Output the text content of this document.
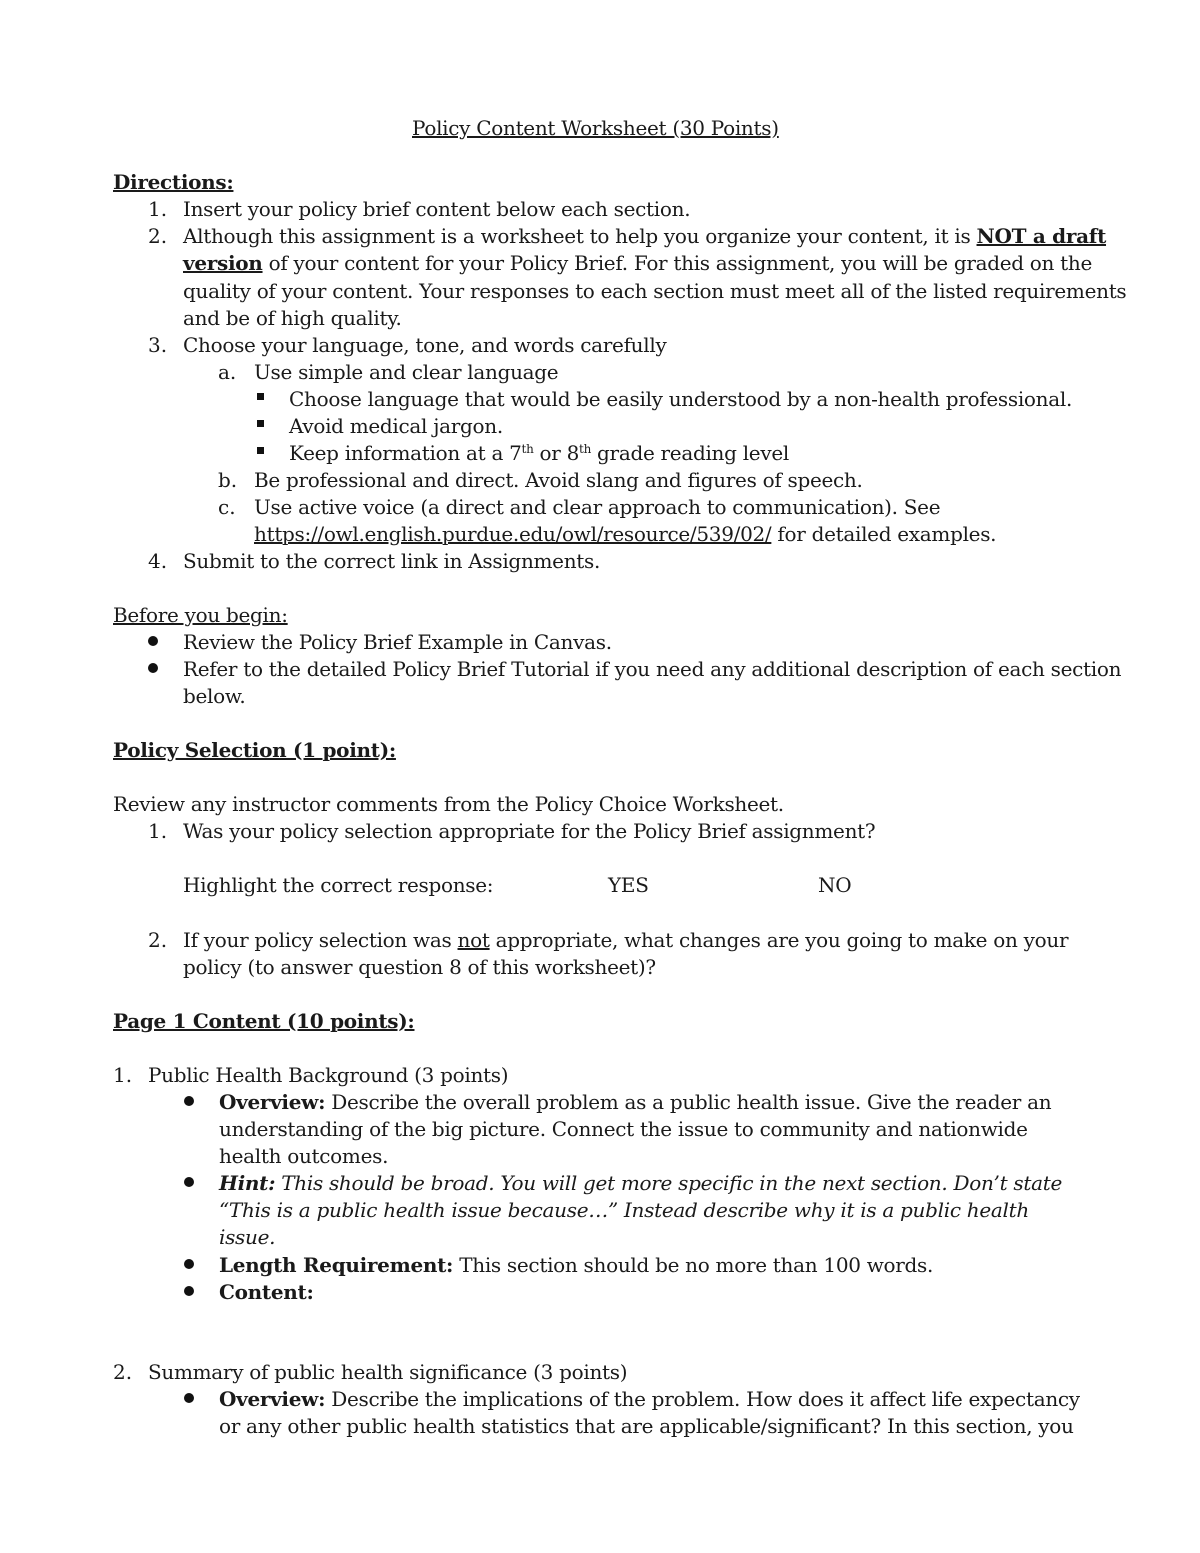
Policy Content Worksheet (30 Points)
Directions:
1. Insert your policy brief content below each section.
2. Although this assignment is a worksheet to help you organize your content, it is NOT a draft
version of your content for your Policy Brief. For this assignment, you will be graded on the
quality of your content. Your responses to each section must meet all of the listed requirements
and be of high quality.
3. Choose your language, tone, and words carefully
a. Use simple and clear language
Choose language that would be easily understood by a non-health professional.
Avoid medical jargon.
Keep information at a 7th or 8th grade reading level
b. Be professional and direct. Avoid slang and figures of speech.
c. Use active voice (a direct and clear approach to communication). See
https://owl.english.purdue.edu/owl/resource/539/02/ for detailed examples.
4. Submit to the correct link in Assignments.
Before you begin:
Review the Policy Brief Example in Canvas.
Refer to the detailed Policy Brief Tutorial if you need any additional description of each section
below.
Policy Selection (1 point):
Review any instructor comments from the Policy Choice Worksheet.
1. Was your policy selection appropriate for the Policy Brief assignment?
Highlight the correct response:	YES	NO
2. If your policy selection was not appropriate, what changes are you going to make on your
policy (to answer question 8 of this worksheet)?
Page 1 Content (10 points):
1. Public Health Background (3 points)
Overview: Describe the overall problem as a public health issue. Give the reader an
understanding of the big picture. Connect the issue to community and nationwide
health outcomes.
Hint: This should be broad. You will get more specific in the next section. Don’t state
“This is a public health issue because…” Instead describe why it is a public health
issue.
Length Requirement: This section should be no more than 100 words.
Content:
2. Summary of public health significance (3 points)
Overview: Describe the implications of the problem. How does it affect life expectancy
or any other public health statistics that are applicable/significant? In this section, you
